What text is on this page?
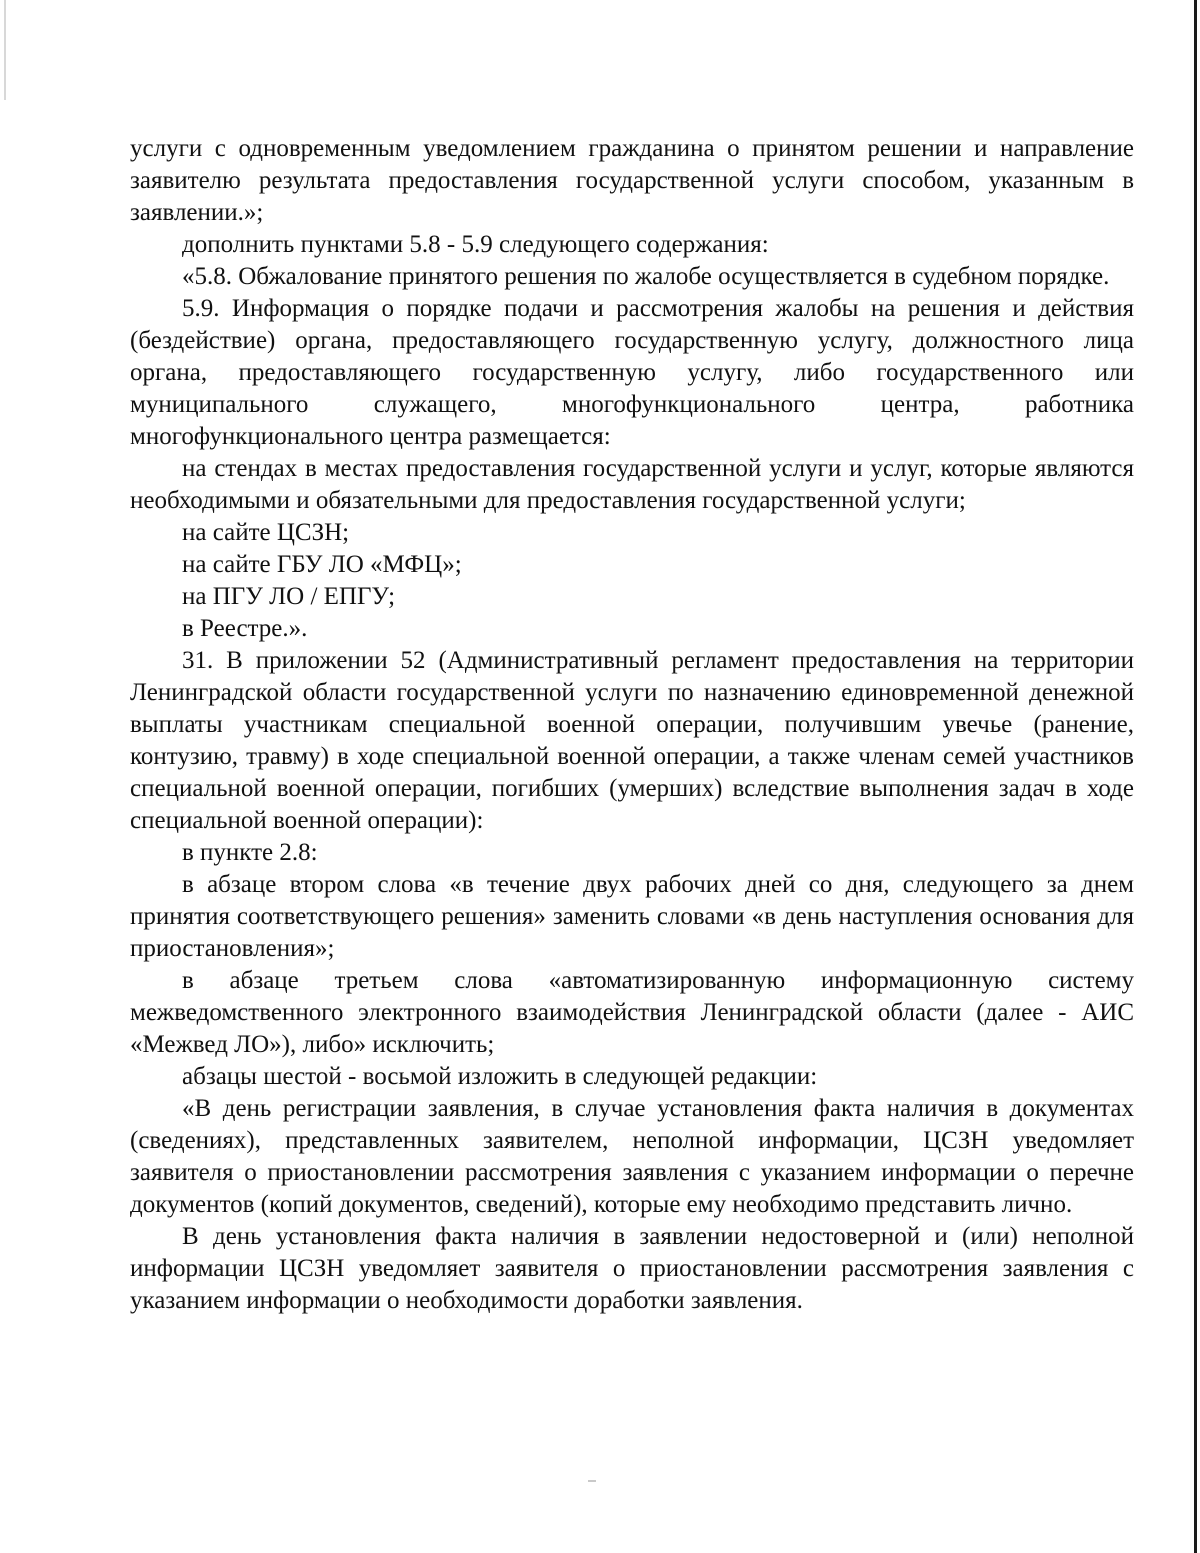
услуги с одновременным уведомлением гражданина о принятом решении и направление заявителю результата предоставления государственной услуги способом, указанным в заявлении.»;

дополнить пунктами 5.8 - 5.9 следующего содержания:

«5.8. Обжалование принятого решения по жалобе осуществляется в судебном порядке.

5.9. Информация о порядке подачи и рассмотрения жалобы на решения и действия (бездействие) органа, предоставляющего государственную услугу, должностного лица органа, предоставляющего государственную услугу, либо государственного или муниципального служащего, многофункционального центра, работника многофункционального центра размещается:

на стендах в местах предоставления государственной услуги и услуг, которые являются необходимыми и обязательными для предоставления государственной услуги;

на сайте ЦСЗН;

на сайте ГБУ ЛО «МФЦ»;

на ПГУ ЛО / ЕПГУ;

в Реестре.».

31. В приложении 52 (Административный регламент предоставления на территории Ленинградской области государственной услуги по назначению единовременной денежной выплаты участникам специальной военной операции, получившим увечье (ранение, контузию, травму) в ходе специальной военной операции, а также членам семей участников специальной военной операции, погибших (умерших) вследствие выполнения задач в ходе специальной военной операции):

в пункте 2.8:

в абзаце втором слова «в течение двух рабочих дней со дня, следующего за днем принятия соответствующего решения» заменить словами «в день наступления основания для приостановления»;

в абзаце третьем слова «автоматизированную информационную систему межведомственного электронного взаимодействия Ленинградской области (далее - АИС «Межвед ЛО»), либо» исключить;

абзацы шестой - восьмой изложить в следующей редакции:

«В день регистрации заявления, в случае установления факта наличия в документах (сведениях), представленных заявителем, неполной информации, ЦСЗН уведомляет заявителя о приостановлении рассмотрения заявления с указанием информации о перечне документов (копий документов, сведений), которые ему необходимо представить лично.

В день установления факта наличия в заявлении недостоверной и (или) неполной информации ЦСЗН уведомляет заявителя о приостановлении рассмотрения заявления с указанием информации о необходимости доработки заявления.
